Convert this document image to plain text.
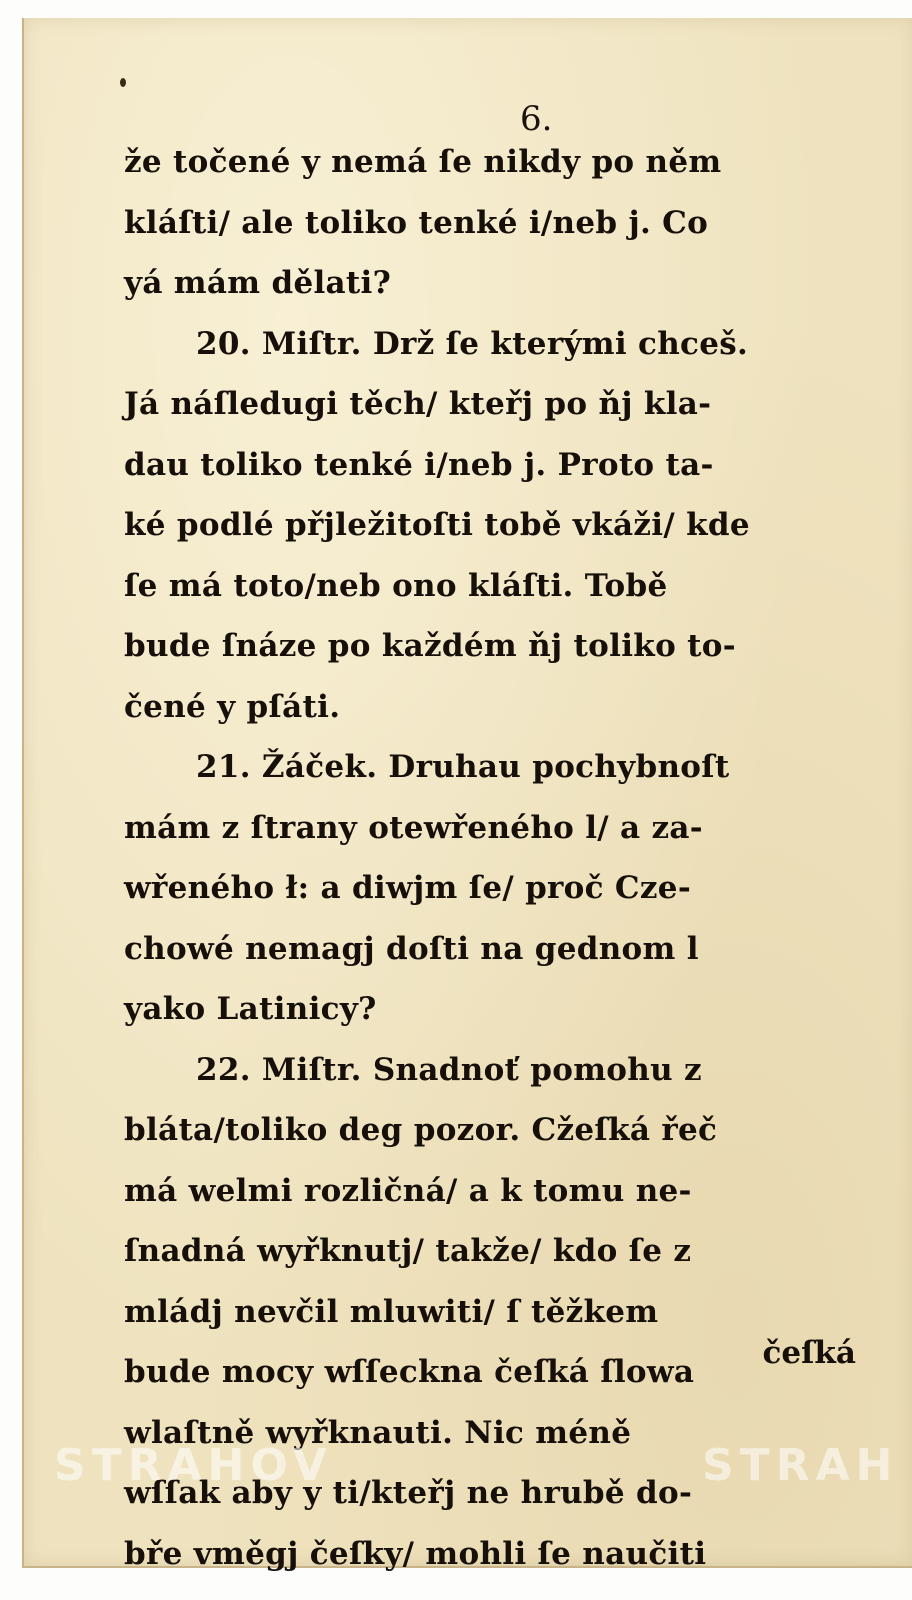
6.
že točené y nemá ſe nikdy po něm
kláſti/ ale toliko tenké i/neb j. Co
yá mám dělati?
20. Miſtr. Drž ſe kterými chceš.
Já náſledugi těch/ kteřj po ňj kla-
dau toliko tenké i/neb j. Proto ta-
ké podlé přjležitoſti tobě vkáži/ kde
ſe má toto/neb ono kláſti. Tobě
bude ſnáze po každém ňj toliko to-
čené y pſáti.
21. Žáček. Druhau pochybnoſt
mám z ſtrany otewřeného l/ a za-
wřeného ł: a diwjm ſe/ proč Cze-
chowé nemagj doſti na gednom l
yako Latinicy?
22. Miſtr. Snadnoť pomohu z
bláta/toliko deg pozor. Cžeſká řeč
má welmi rozličná/ a k tomu ne-
ſnadná wyřknutj/ takže/ kdo ſe z
mládj nevčil mluwiti/ ſ těžkem
bude mocy wſſeckna čeſká ſlowa
wlaſtně wyřknauti. Nic méně
wſſak aby y ti/kteřj ne hrubě do-
bře vměgj čeſky/ mohli ſe naučiti
čeſká
STRAHOV	STRAH
